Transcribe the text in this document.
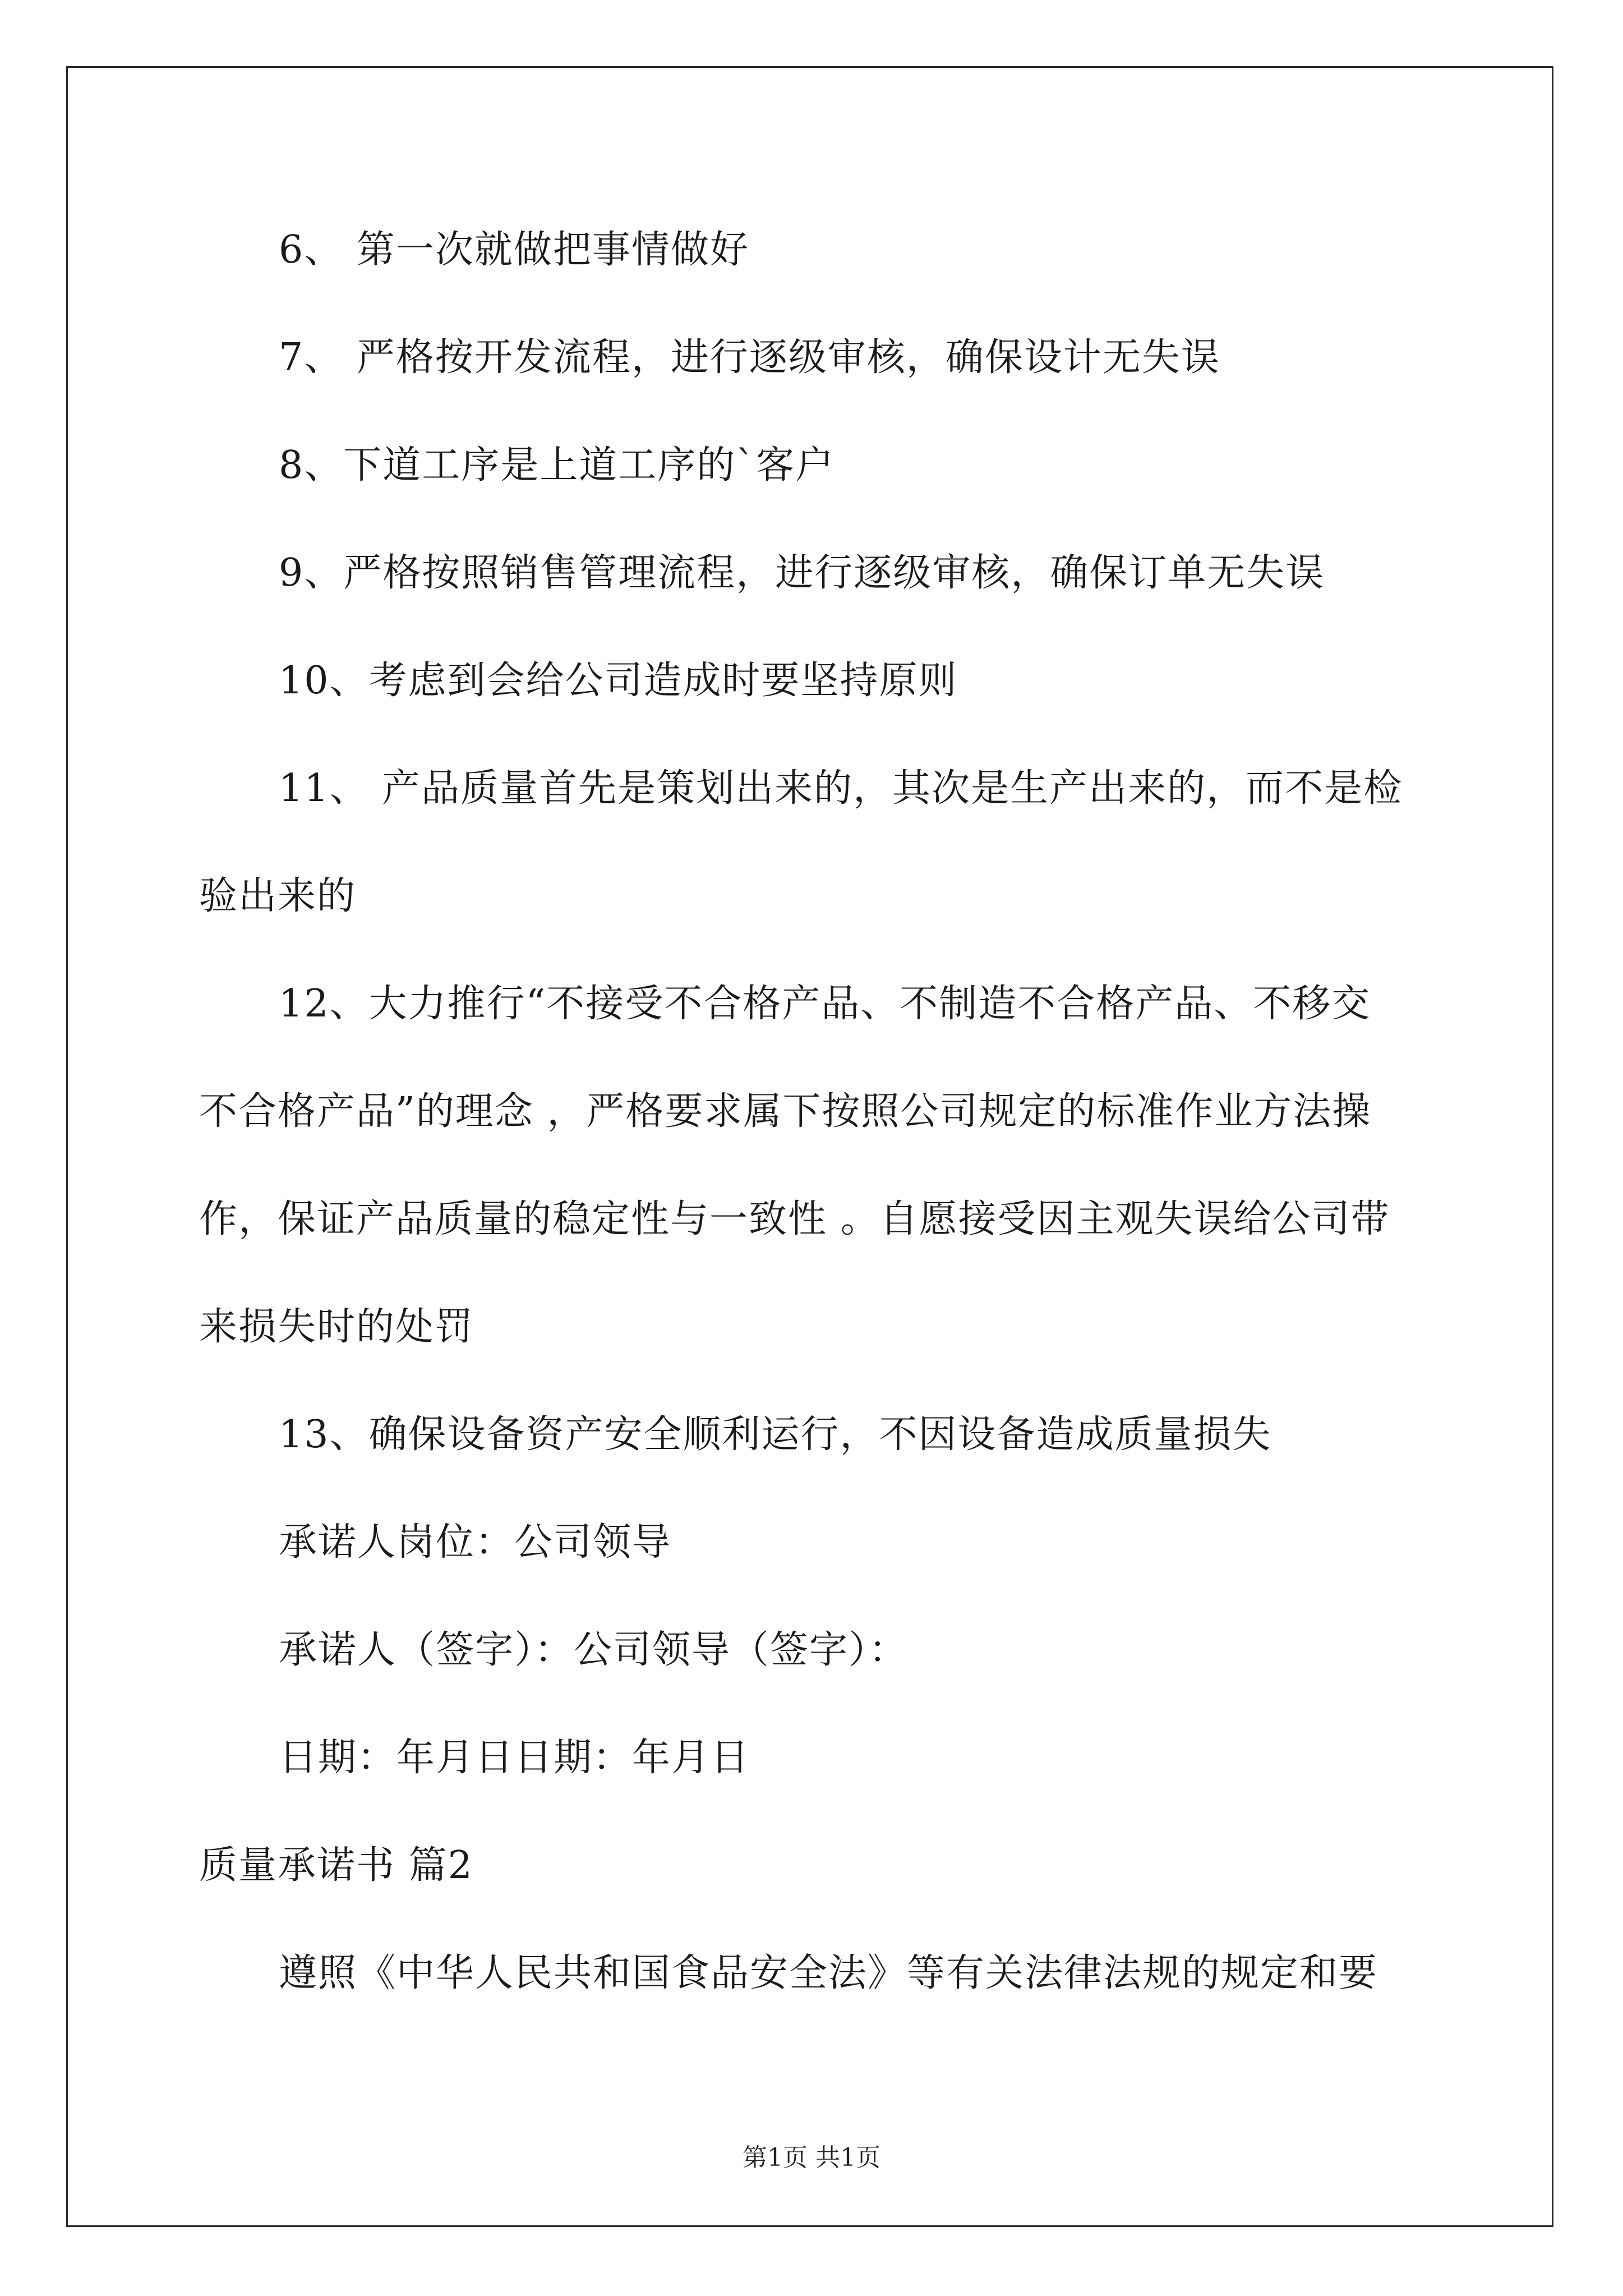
6、 第一次就做把事情做好
7、 严格按开发流程，进行逐级审核，确保设计无失误
8、下道工序是上道工序的`客户
9、严格按照销售管理流程，进行逐级审核，确保订单无失误
10、考虑到会给公司造成时要坚持原则
11、 产品质量首先是策划出来的，其次是生产出来的，而不是检
验出来的
12、大力推行“不接受不合格产品、不制造不合格产品、不移交
不合格产品”的理念 ，严格要求属下按照公司规定的标准作业方法操
作，保证产品质量的稳定性与一致性 。自愿接受因主观失误给公司带
来损失时的处罚
13、确保设备资产安全顺利运行，不因设备造成质量损失
承诺人岗位：公司领导
承诺人（签字）：公司领导（签字）：
日期：年月日日期：年月日
质量承诺书 篇2
遵照《中华人民共和国食品安全法》等有关法律法规的规定和要
第1页 共1页
